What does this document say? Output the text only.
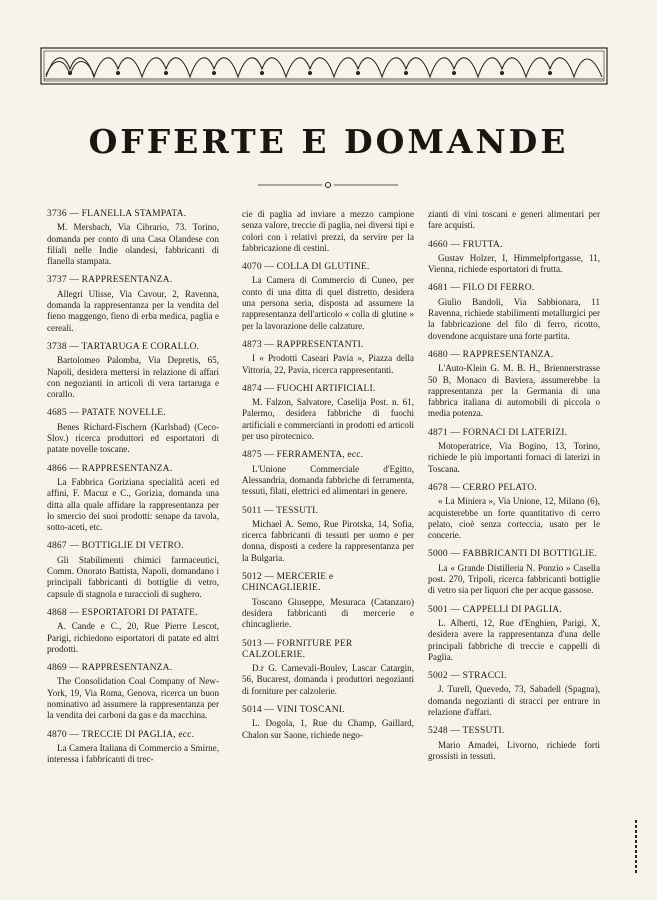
OFFERTE E DOMANDE
3736 — FLANELLA STAMPATA.
M. Mersbach, Via Cibrario, 73. Torino, domanda per conto di una Casa Olandese con filiali nelle Indie olandesi, fabbricanti di flanella stampata.
3737 — RAPPRESENTANZA.
Allegri Ulisse, Via Cavour, 2, Ravenna, domanda la rappresentanza per la vendita del fieno maggengo, fieno di erba medica, paglia e cereali.
3738 — TARTARUGA E CORALLO.
Bartolomeo Palomba, Via Depretis, 65, Napoli, desidera mettersi in relazione di affari con negozianti in articoli di vera tartaruga e corallo.
4685 — PATATE NOVELLE.
Benes Richard-Fischern (Karlsbad) (Ceco-Slov.) ricerca produttori ed esportatori di patate novelle toscane.
4866 — RAPPRESENTANZA.
La Fabbrica Goriziana specialità aceti ed affini, F. Macuz e C., Gorizia, domanda una ditta alla quale affidare la rappresentanza per lo smercio dei suoi prodotti: senape da tavola, sotto-aceti, etc.
4867 — BOTTIGLIE DI VETRO.
Gli Stabilimenti chimici farmaceutici, Comm. Onorato Battista, Napoli, domandano i principali fabbricanti di bottiglie di vetro, capsule di stagnola e turaccioli di sughero.
4868 — ESPORTATORI DI PATATE.
A. Cande e C., 20, Rue Pierre Lescot, Parigi, richiedono esportatori di patate ed altri prodotti.
4869 — RAPPRESENTANZA.
The Consolidation Coal Company of New-York, 19, Via Roma, Genova, ricerca un buon nominativo ad assumere la rappresentanza per la vendita dei carboni da gas e da macchina.
4870 — TRECCIE DI PAGLIA, ecc.
La Camera Italiana di Commercio a Smirne, interessa i fabbricanti di trec-
cie di paglia ad inviare a mezzo campione senza valore, treccie di paglia, nei diversi tipi e colori con i relativi prezzi, da servire per la fabbricazione di cestini.
4070 — COLLA DI GLUTINE.
La Camera di Commercio di Cuneo, per conto di una ditta di quel distretto, desidera una persona seria, disposta ad assumere la rappresentanza dell'articolo « colla di glutine » per la lavorazione delle calzature.
4873 — RAPPRESENTANTI.
I « Prodotti Caseari Pavia », Piazza della Vittoria, 22, Pavia, ricerca rappresentanti.
4874 — FUOCHI ARTIFICIALI.
M. Falzon, Salvatore, Caselija Post. n. 61, Palermo, desidera fabbriche di fuochi artificiali e commercianti in prodotti ed articoli per uso pirotecnico.
4875 — FERRAMENTA, ecc.
L'Unione Commerciale d'Egitto, Alessandria, domanda fabbriche di ferramenta, tessuti, filati, elettrici ed alimentari in genere.
5011 — TESSUTI.
Michael A. Semo, Rue Pirotska, 14, Sofia, ricerca fabbricanti di tessuti per uomo e per donna, disposti a cedere la rappresentanza per la Bulgaria.
5012 — MERCERIE e CHINCAGLIERIE.
Toscano Giuseppe, Mesuraca (Catanzaro) desidera fabbricanti di mercerie e chincaglierie.
5013 — FORNITURE PER CALZOLERIE.
D.r G. Carnevali-Boulev, Lascar Catargin, 56, Bucarest, domanda i produttori negozianti di forniture per calzolerie.
5014 — VINI TOSCANI.
L. Dogola, 1, Rue du Champ, Gaillard, Chalon sur Saone, richiede nego-
zianti di vini toscani e generi alimentari per fare acquisti.
4660 — FRUTTA.
Gustav Holzer, I, Himmelpfortgasse, 11, Vienna, richiede esportatori di frutta.
4681 — FILO DI FERRO.
Giulio Bandoli, Via Sabbionara, 11 Ravenna, richiede stabilimenti metallurgici per la fabbricazione del filo di ferro, ricotto, dovendone acquistare una forte partita.
4680 — RAPPRESENTANZA.
L'Auto-Klein G. M. B. H., Briennerstrasse 50 B, Monaco di Baviera, assumerebbe la rappresentanza per la Germania di una fabbrica italiana di automobili di piccola o media potenza.
4871 — FORNACI DI LATERIZI.
Motoperatrice, Via Bogino, 13, Torino, richiede le più importanti fornaci di laterizi in Toscana.
4678 — CERRO PELATO.
« La Miniera », Via Unione, 12, Milano (6), acquisterebbe un forte quantitativo di cerro pelato, cioè senza corteccia, usato per le concerie.
5000 — FABBRICANTI DI BOTTIGLIE.
La « Grande Distilleria N. Ponzio » Casella post. 270, Tripoli, ricerca fabbricanti bottiglie di vetro sia per liquori che per acque gassose.
5001 — CAPPELLI DI PAGLIA.
L. Alberti, 12, Rue d'Enghien, Parigi, X, desidera avere la rappresentanza d'una delle principali fabbriche di treccie e cappelli di Paglia.
5002 — STRACCI.
J. Turell, Quevedo, 73, Sabadell (Spagna), domanda negozianti di stracci per entrare in relazione d'affari.
5248 — TESSUTI.
Mario Amadei, Livorno, richiede forti grossisti in tessuti.
